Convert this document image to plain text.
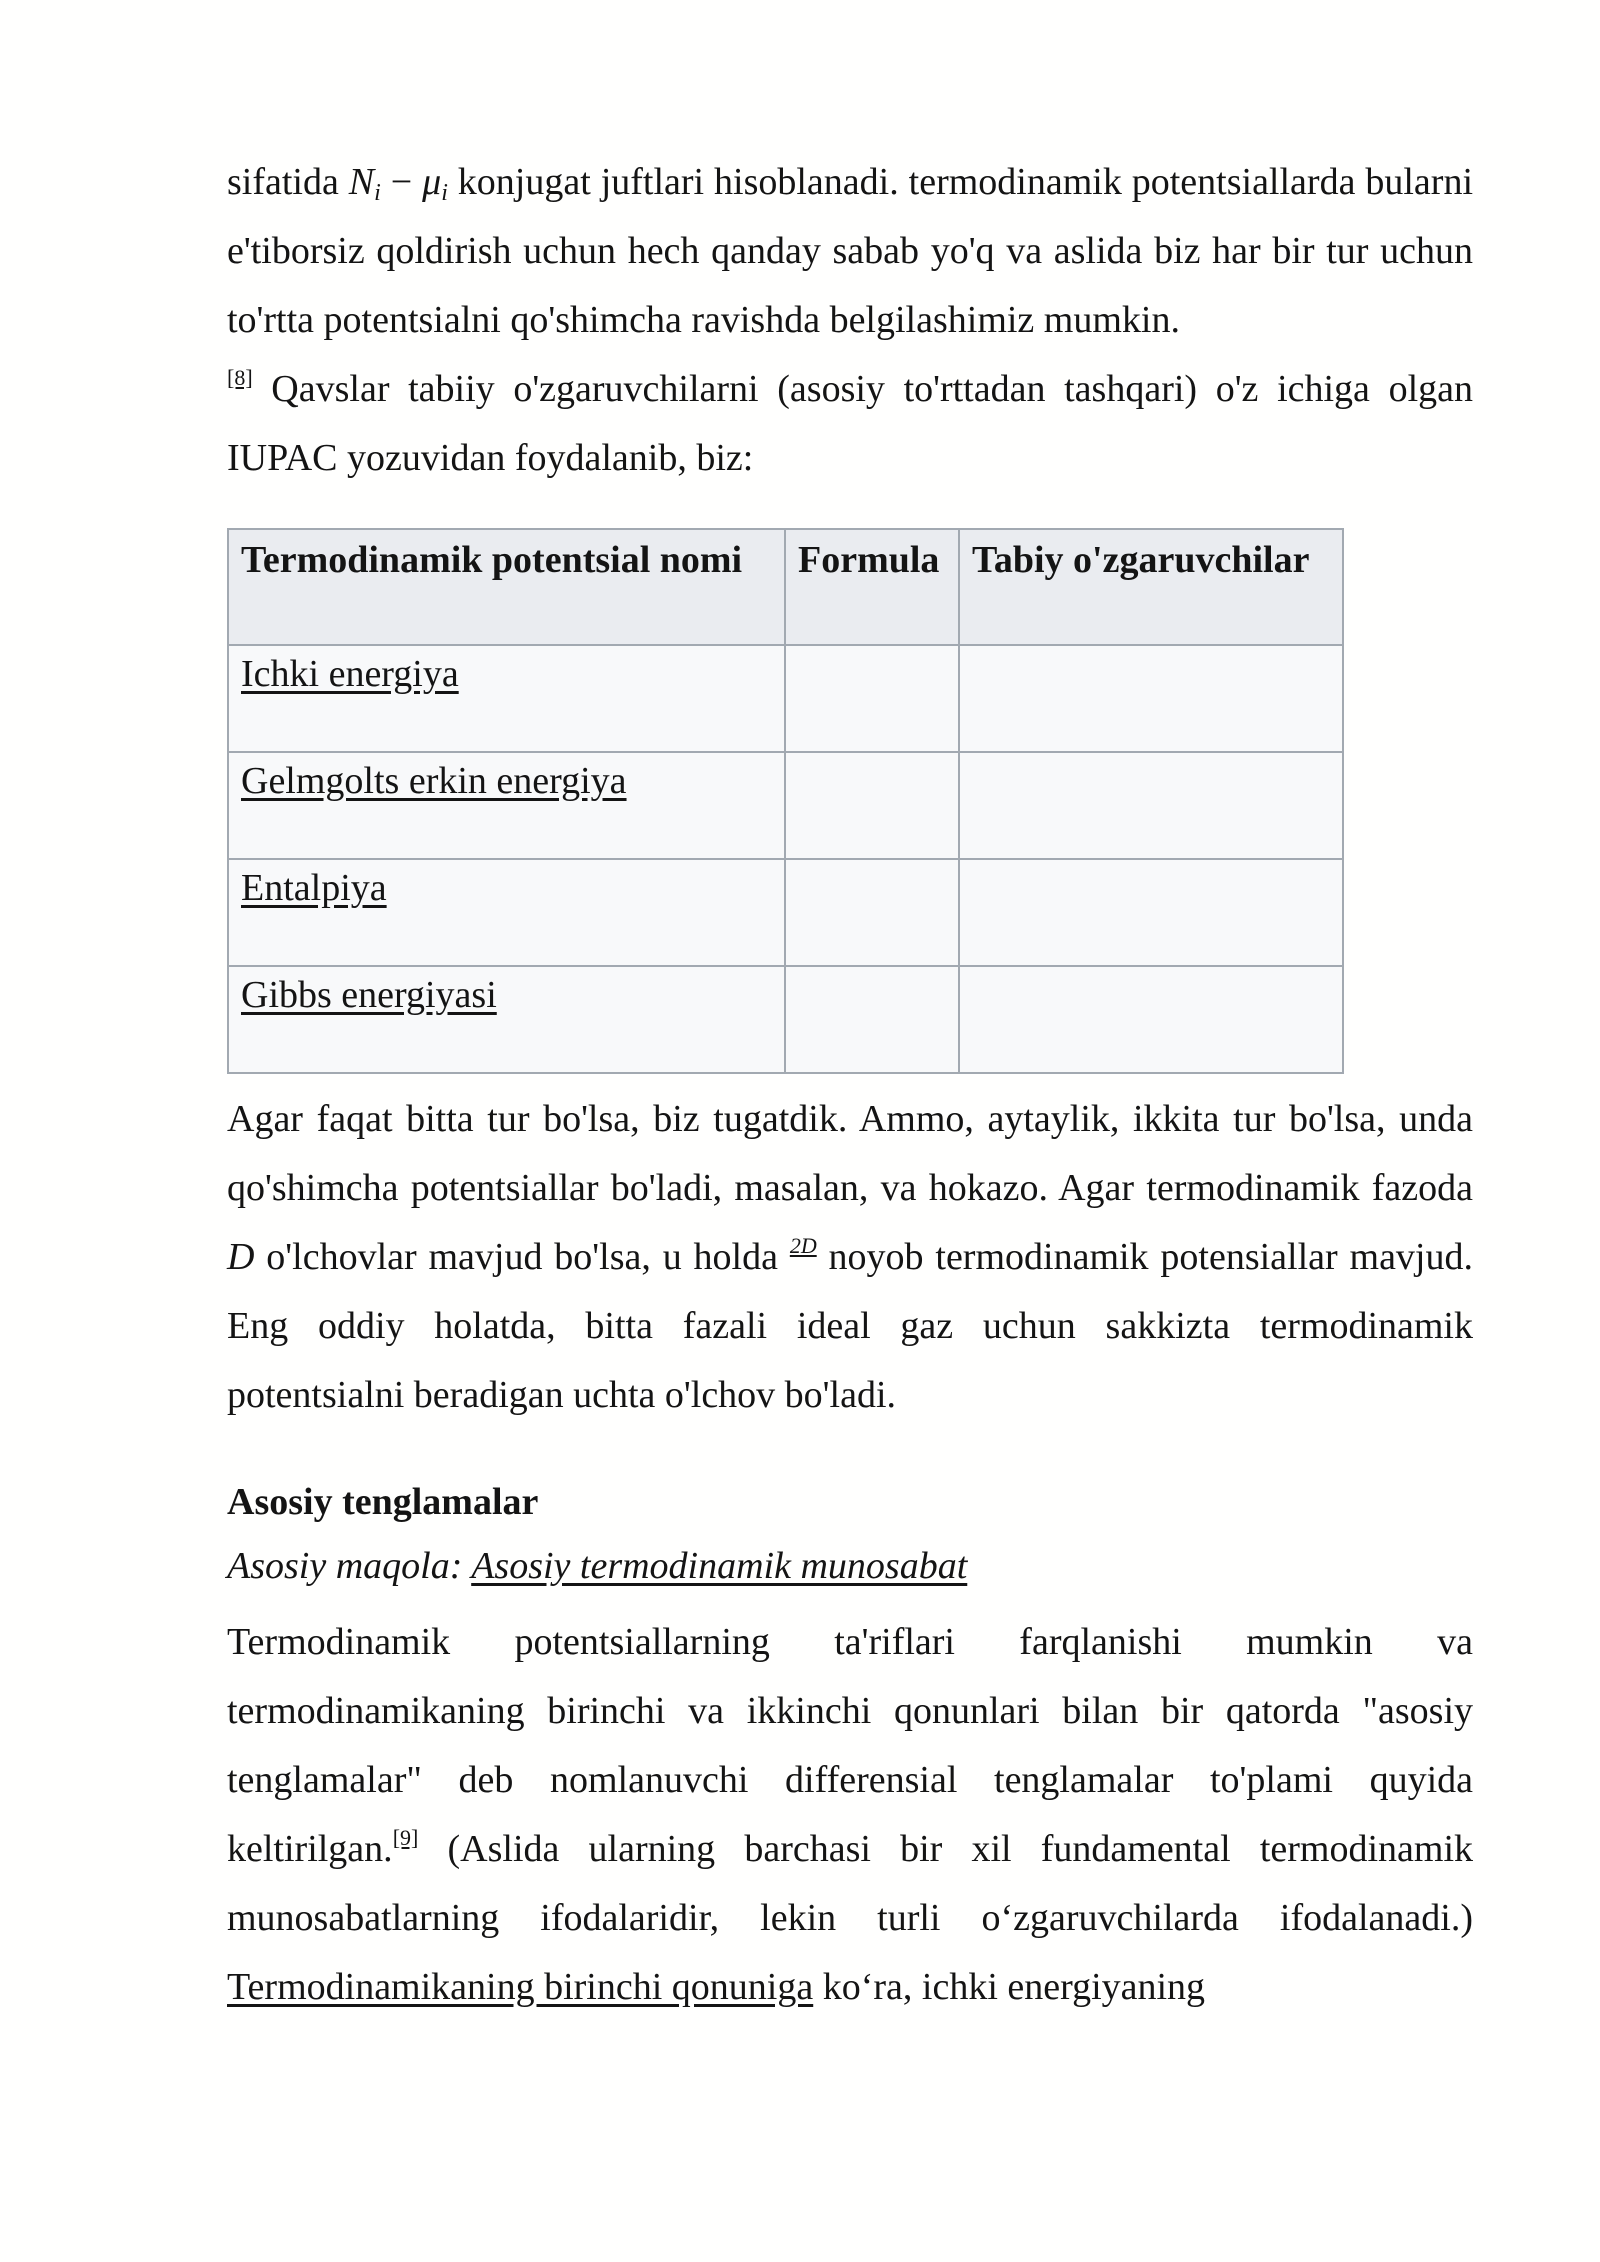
sifatida Ni − μi konjugat juftlari hisoblanadi. termodinamik potentsiallarda bularni e'tiborsiz qoldirish uchun hech qanday sabab yo'q va aslida biz har bir tur uchun to'rtta potentsialni qo'shimcha ravishda belgilashimiz mumkin.
[8] Qavslar tabiiy o'zgaruvchilarni (asosiy to'rttadan tashqari) o'z ichiga olgan IUPAC yozuvidan foydalanib, biz:

Termodinamik potentsial nomi	Formula	Tabiy o'zgaruvchilar
Ichki energiya		
Gelmgolts erkin energiya		
Entalpiya		
Gibbs energiyasi		

Agar faqat bitta tur bo'lsa, biz tugatdik. Ammo, aytaylik, ikkita tur bo'lsa, unda qo'shimcha potentsiallar bo'ladi, masalan, va hokazo. Agar termodinamik fazoda D o'lchovlar mavjud bo'lsa, u holda $^{2D}$ noyob termodinamik potensiallar mavjud. Eng oddiy holatda, bitta fazali ideal gaz uchun sakkizta termodinamik potentsialni beradigan uchta o'lchov bo'ladi.

Asosiy tenglamalar
Asosiy maqola: Asosiy termodinamik munosabat

Termodinamik potentsiallarning ta'riflari farqlanishi mumkin va termodinamikaning birinchi va ikkinchi qonunlari bilan bir qatorda "asosiy tenglamalar" deb nomlanuvchi differensial tenglamalar to'plami quyida keltirilgan.[9] (Aslida ularning barchasi bir xil fundamental termodinamik munosabatlarning ifodalaridir, lekin turli o‘zgaruvchilarda ifodalanadi.) Termodinamikaning birinchi qonuniga ko‘ra, ichki energiyaning
